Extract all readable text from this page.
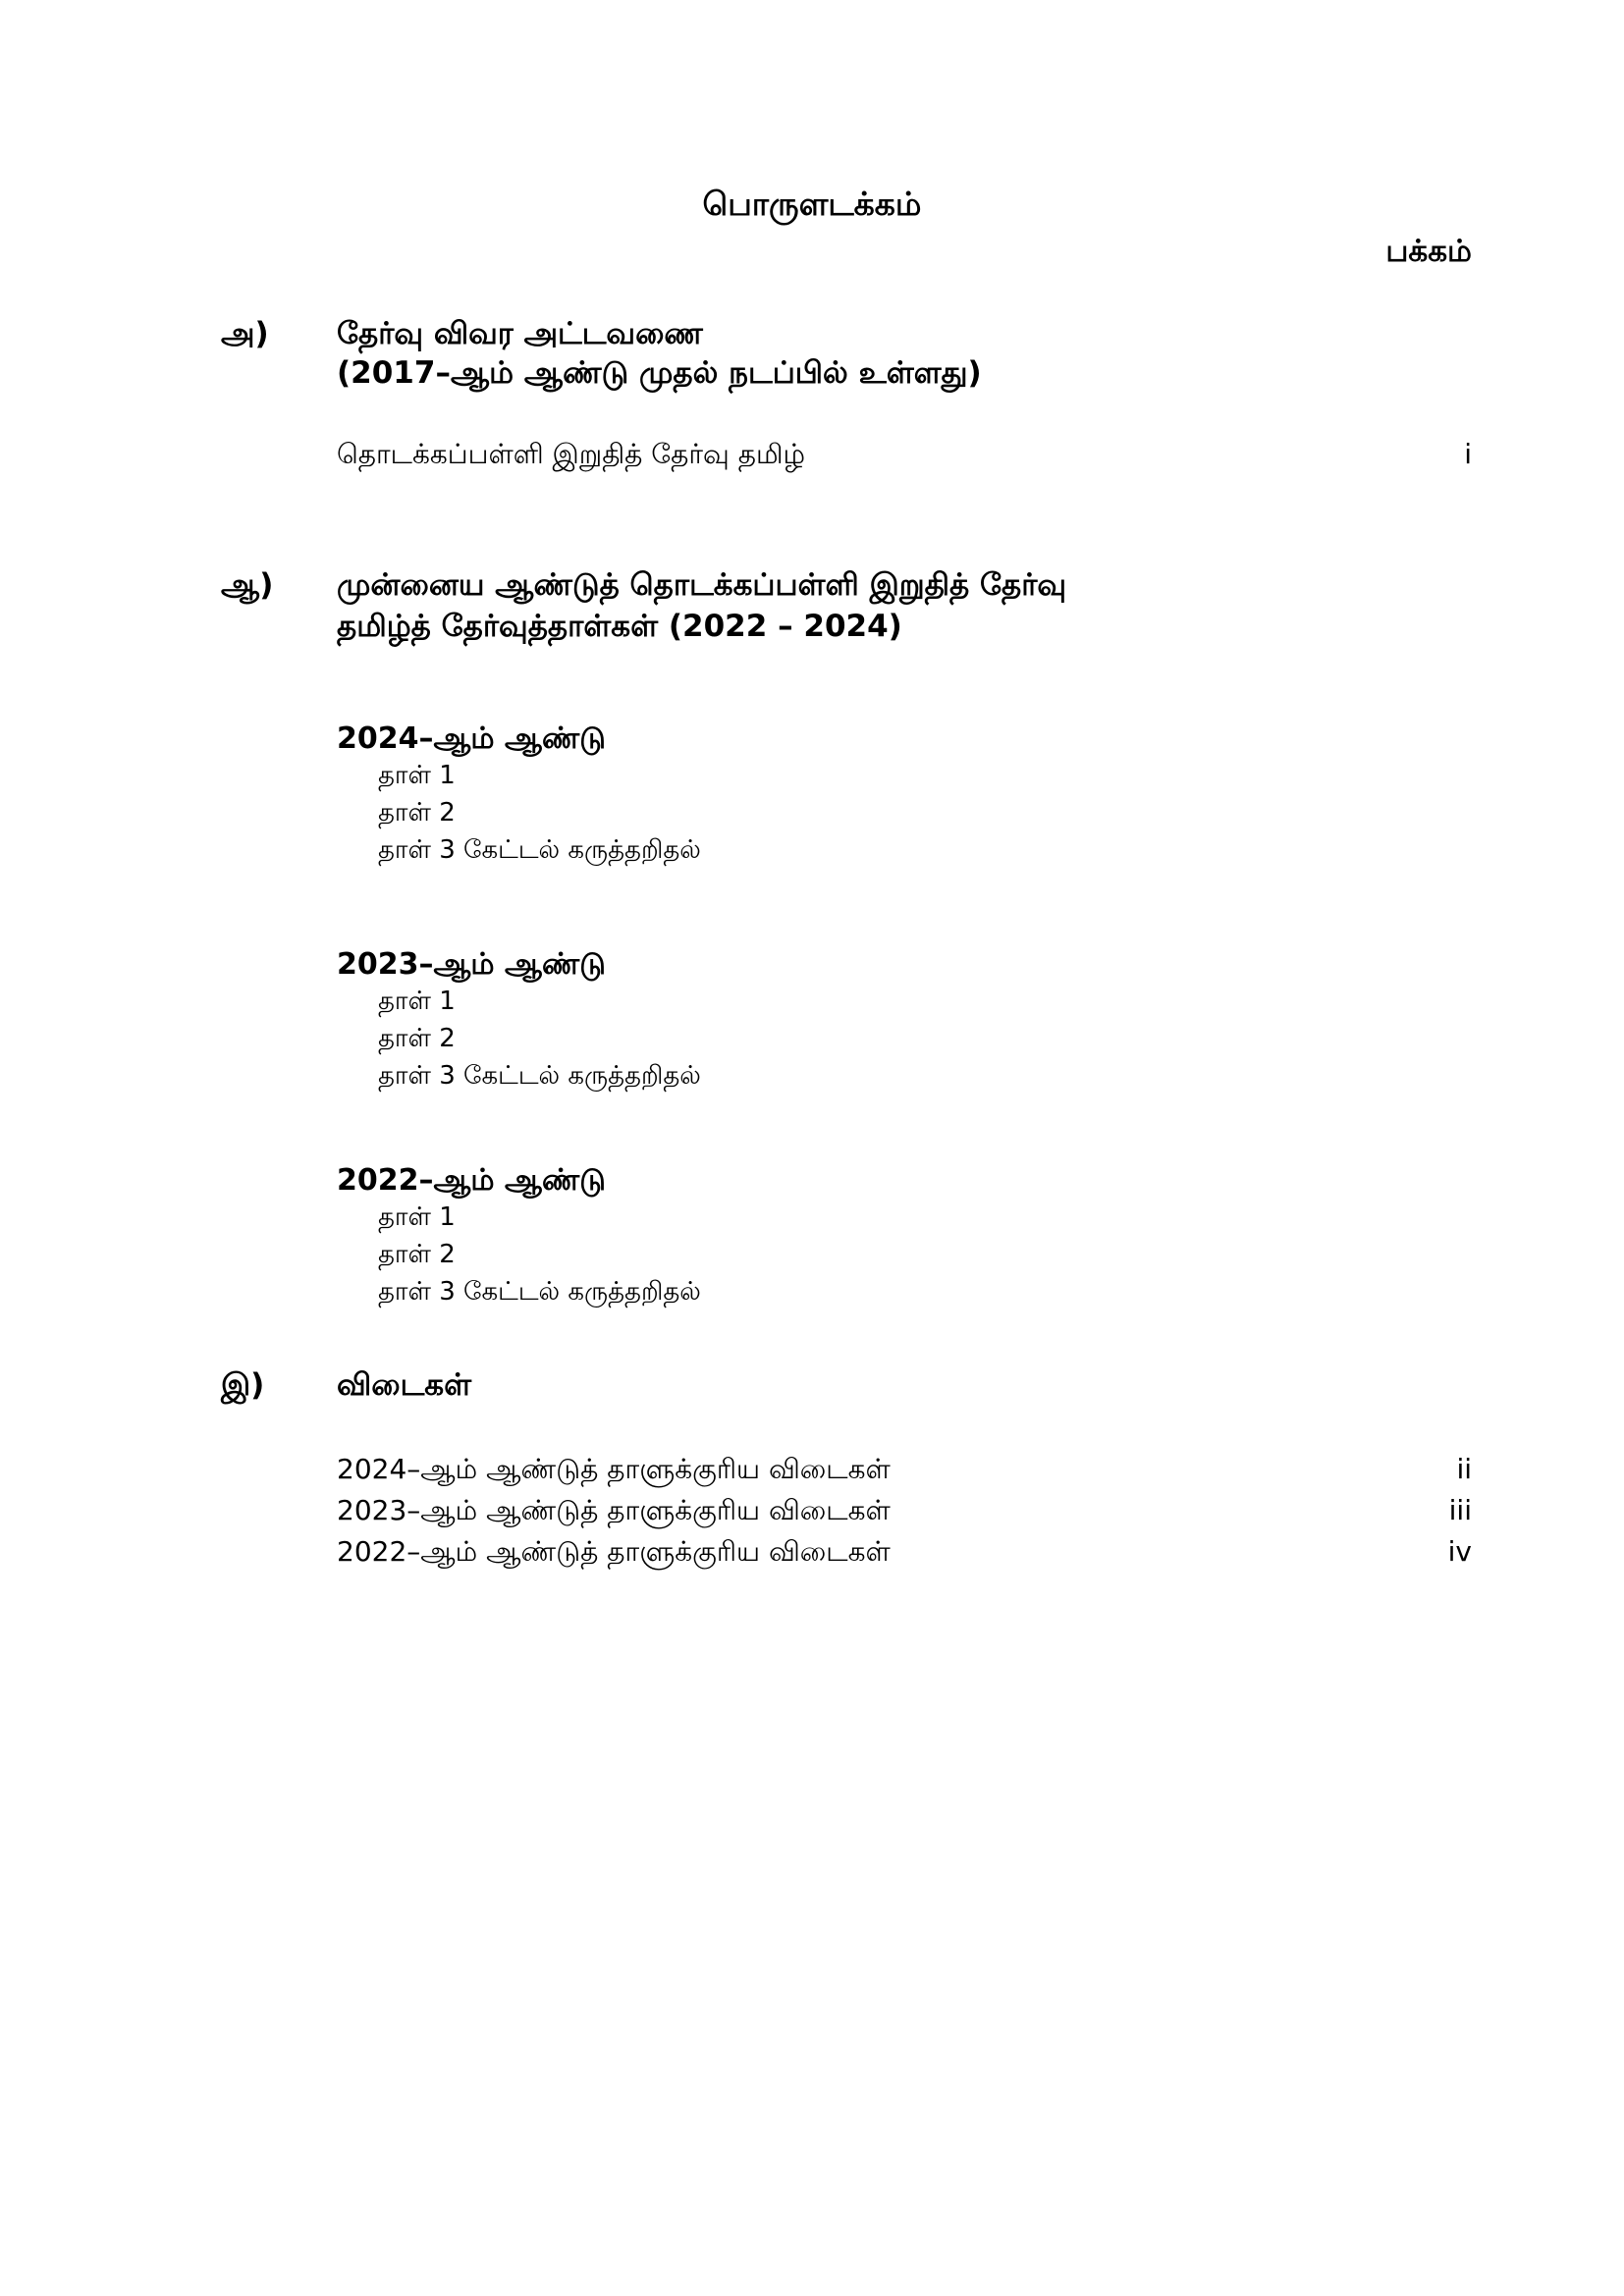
பொருளடக்கம்
பக்கம்
அ) தேர்வு விவர அட்டவணை
(2017–ஆம் ஆண்டு முதல் நடப்பில் உள்ளது)
தொடக்கப்பள்ளி இறுதித் தேர்வு தமிழ்	i
ஆ) முன்னைய ஆண்டுத் தொடக்கப்பள்ளி இறுதித் தேர்வு
தமிழ்த் தேர்வுத்தாள்கள் (2022 – 2024)
2024–ஆம் ஆண்டு
தாள் 1
தாள் 2
தாள் 3 கேட்டல் கருத்தறிதல்
2023–ஆம் ஆண்டு
தாள் 1
தாள் 2
தாள் 3 கேட்டல் கருத்தறிதல்
2022–ஆம் ஆண்டு
தாள் 1
தாள் 2
தாள் 3 கேட்டல் கருத்தறிதல்
இ) விடைகள்
2024–ஆம் ஆண்டுத் தாளுக்குரிய விடைகள்	ii
2023–ஆம் ஆண்டுத் தாளுக்குரிய விடைகள்	iii
2022–ஆம் ஆண்டுத் தாளுக்குரிய விடைகள்	iv
